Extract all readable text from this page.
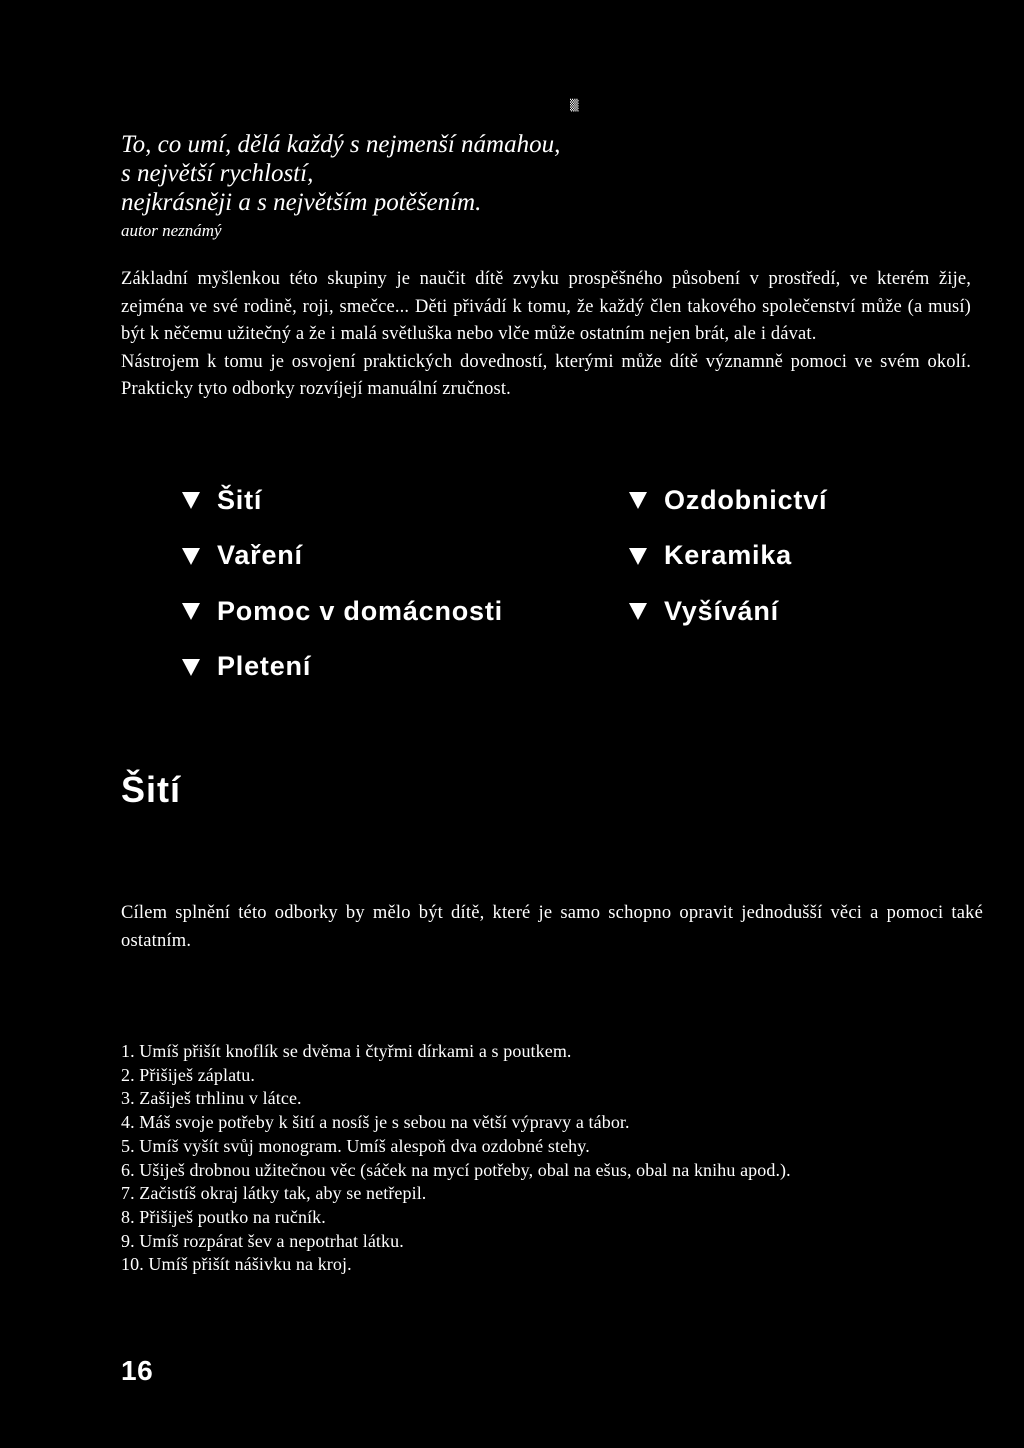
▒

To, co umí, dělá každý s nejmenší námahou,

s největší rychlostí,

nejkrásněji a s největším potěšením.

autor neznámý

Základní myšlenkou této skupiny je naučit dítě zvyku prospěšného působení v prostředí, ve kterém žije, zejména ve své rodině, roji, smečce... Děti přivádí k tomu, že každý člen takového společenství může (a musí) být k něčemu užitečný a že i malá světluška nebo vlče může ostatním nejen brát, ale i dávat.

Nástrojem k tomu je osvojení praktických dovedností, kterými může dítě významně pomoci ve svém okolí. Prakticky tyto odborky rozvíjejí manuální zručnost.

Šití
Vaření
Pomoc v domácnosti
Pletení
Ozdobnictví
Keramika
Vyšívání
Šití

Cílem splnění této odborky by mělo být dítě, které je samo schopno opravit jednodušší věci a pomoci také ostatním.

1. Umíš přišít knoflík se dvěma i čtyřmi dírkami a s poutkem.
2. Přišiješ záplatu.
3. Zašiješ trhlinu v látce.
4. Máš svoje potřeby k šití a nosíš je s sebou na větší výpravy a tábor.
5. Umíš vyšít svůj monogram. Umíš alespoň dva ozdobné stehy.
6. Ušiješ drobnou užitečnou věc (sáček na mycí potřeby, obal na ešus, obal na knihu apod.).
7. Začistíš okraj látky tak, aby se netřepil.
8. Přišiješ poutko na ručník.
9. Umíš rozpárat šev a nepotrhat látku.
10. Umíš přišít nášivku na kroj.
16
